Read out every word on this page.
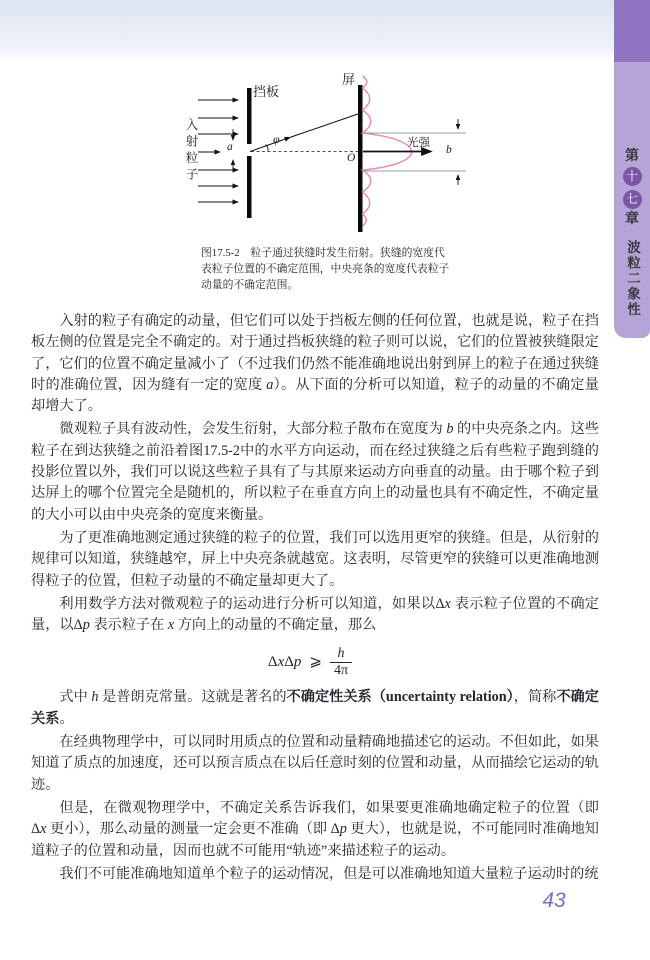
第
十
七
章
波粒二象性
入射粒子
挡板
屏
a
φ
O
光强
b
图17.5-2　粒子通过狭缝时发生衍射。狭缝的宽度代
表粒子位置的不确定范围，中央亮条的宽度代表粒子
动量的不确定范围。

入射的粒子有确定的动量，但它们可以处于挡板左侧的任何位置，也就是说，粒子在挡板左侧的位置是完全不确定的。对于通过挡板狭缝的粒子则可以说，它们的位置被狭缝限定了，它们的位置不确定量减小了（不过我们仍然不能准确地说出射到屏上的粒子在通过狭缝时的准确位置，因为缝有一定的宽度 a）。从下面的分析可以知道，粒子的动量的不确定量却增大了。

微观粒子具有波动性，会发生衍射，大部分粒子散布在宽度为 b 的中央亮条之内。这些粒子在到达狭缝之前沿着图17.5-2中的水平方向运动，而在经过狭缝之后有些粒子跑到缝的投影位置以外，我们可以说这些粒子具有了与其原来运动方向垂直的动量。由于哪个粒子到达屏上的哪个位置完全是随机的，所以粒子在垂直方向上的动量也具有不确定性，不确定量的大小可以由中央亮条的宽度来衡量。

为了更准确地测定通过狭缝的粒子的位置，我们可以选用更窄的狭缝。但是，从衍射的规律可以知道，狭缝越窄，屏上中央亮条就越宽。这表明，尽管更窄的狭缝可以更准确地测得粒子的位置，但粒子动量的不确定量却更大了。

利用数学方法对微观粒子的运动进行分析可以知道，如果以Δx 表示粒子位置的不确定量，以Δp 表示粒子在 x 方向上的动量的不确定量，那么

ΔxΔp ⩾ $\frac{h}{4\pi}$

式中 h 是普朗克常量。这就是著名的不确定性关系（uncertainty relation），简称不确定关系。

在经典物理学中，可以同时用质点的位置和动量精确地描述它的运动。不但如此，如果知道了质点的加速度，还可以预言质点在以后任意时刻的位置和动量，从而描绘它运动的轨迹。

但是，在微观物理学中，不确定关系告诉我们，如果要更准确地确定粒子的位置（即Δx 更小），那么动量的测量一定会更不准确（即 Δp 更大），也就是说，不可能同时准确地知道粒子的位置和动量，因而也就不可能用“轨迹”来描述粒子的运动。

我们不可能准确地知道单个粒子的运动情况，但是可以准确地知道大量粒子运动时的统

43
